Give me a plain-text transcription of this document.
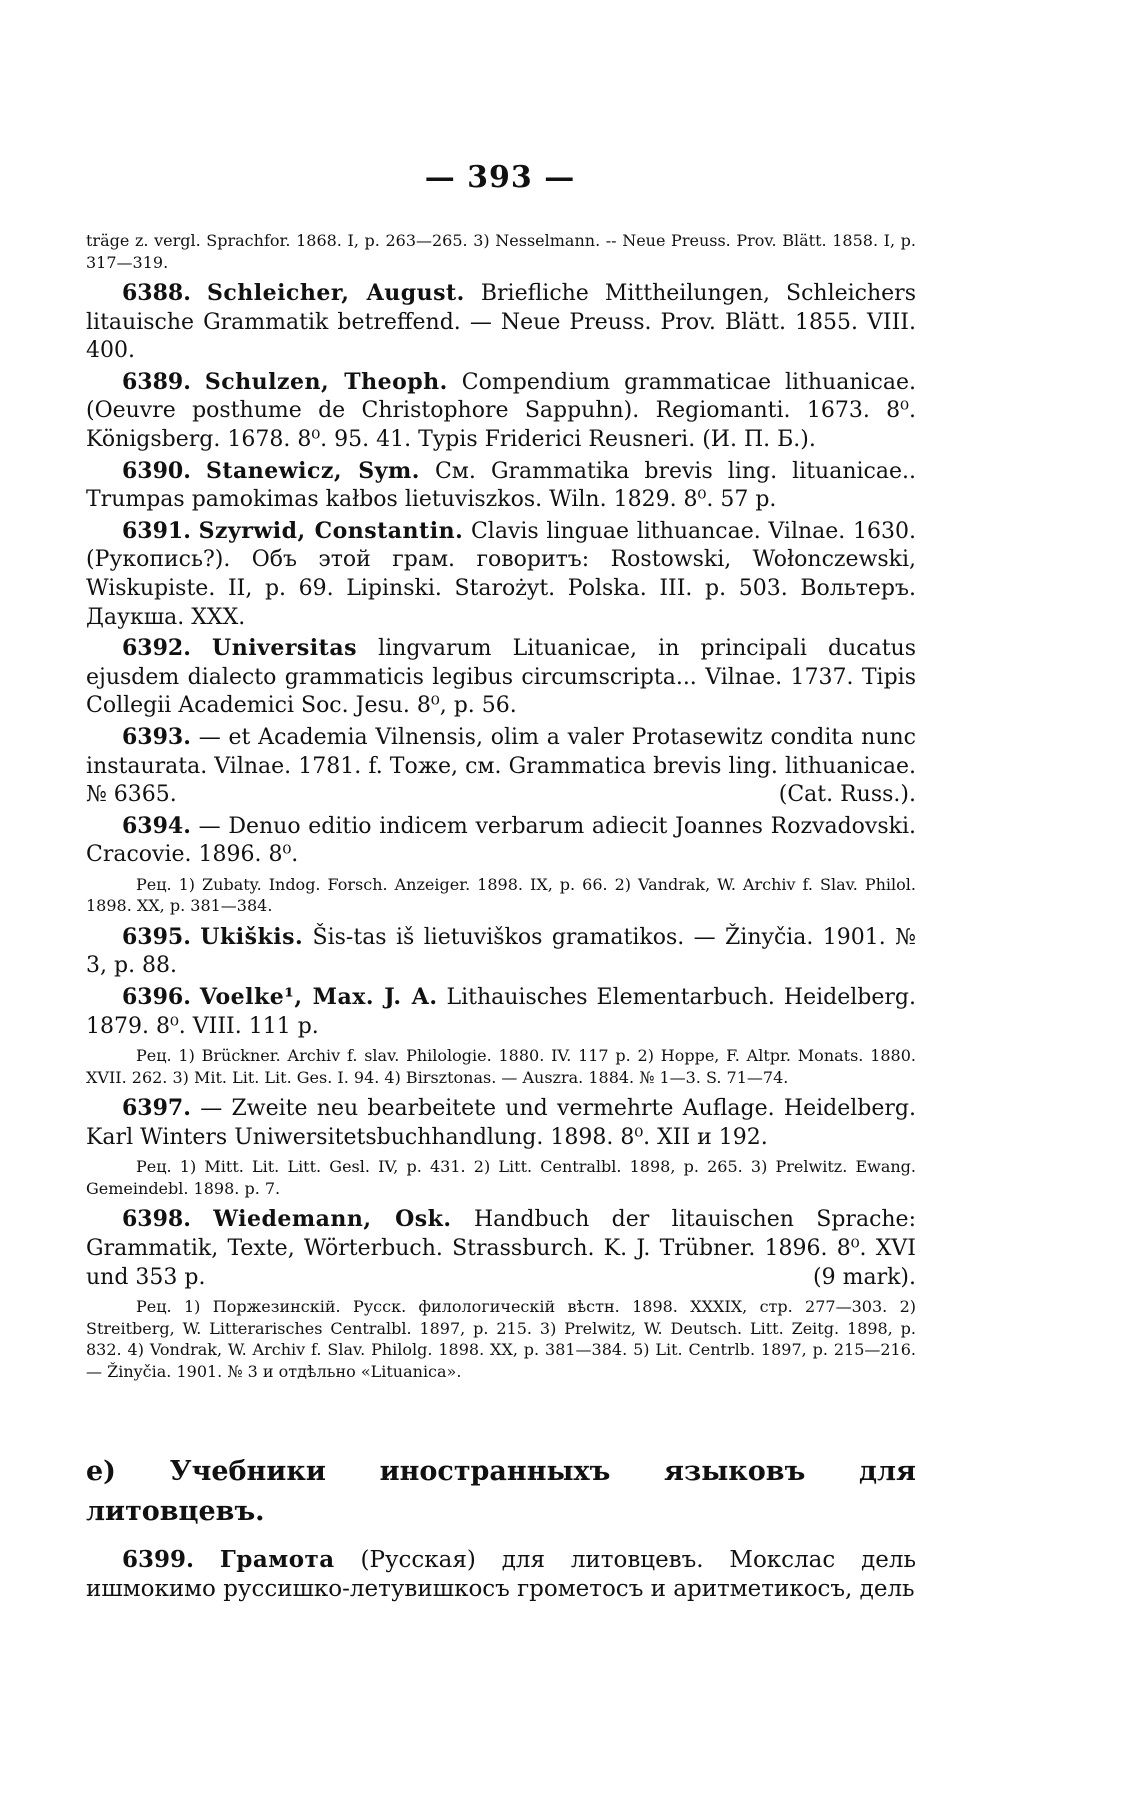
— 393 —

träge z. vergl. Sprachfor. 1868. I, p. 263—265. 3) Nesselmann. -- Neue Preuss. Prov. Blätt. 1858. I, p. 317—319.

6388. Schleicher, August. Briefliche Mittheilungen, Schleichers litauische Grammatik betreffend. — Neue Preuss. Prov. Blätt. 1855. VIII. 400.

6389. Schulzen, Theoph. Compendium grammaticae lithuanicae. (Oeuvre posthume de Christophore Sappuhn). Regiomanti. 1673. 8⁰. Königsberg. 1678. 8⁰. 95. 41. Typis Friderici Reusneri. (И. П. Б.).

6390. Stanewicz, Sym. См. Grammatika brevis ling. lituanicae.. Trumpas pamokimas kałbos lietuviszkos. Wiln. 1829. 8⁰. 57 p.

6391. Szyrwid, Constantin. Clavis linguae lithuancae. Vilnae. 1630. (Рукопись?). Объ этой грам. говоритъ: Rostowski, Wołonczewski, Wiskupiste. II, p. 69. Lipinski. Starożyt. Polska. III. p. 503. Вольтеръ. Даукша. XXX.

6392. Universitas lingvarum Lituanicae, in principali ducatus ejusdem dialecto grammaticis legibus circumscripta... Vilnae. 1737. Tipis Collegii Academici Soc. Jesu. 8⁰, p. 56.

6393. — et Academia Vilnensis, olim a valer Protasewitz condita nunc instaurata. Vilnae. 1781. f. Тоже, см. Grammatica brevis ling. lithuanicae. № 6365.	(Cat. Russ.).

6394. — Denuo editio indicem verbarum adiecit Joannes Rozvadovski. Cracovie. 1896. 8⁰.

Рец. 1) Zubaty. Indog. Forsch. Anzeiger. 1898. IX, p. 66. 2) Vandrak, W. Archiv f. Slav. Philol. 1898. XX, p. 381—384.

6395. Ukiškis. Šis-tas iš lietuviškos gramatikos. — Žinyčia. 1901. № 3, p. 88.

6396. Voelke¹, Max. J. A. Lithauisches Elementarbuch. Heidelberg. 1879. 8⁰. VIII. 111 p.

Рец. 1) Brückner. Archiv f. slav. Philologie. 1880. IV. 117 p. 2) Hoppe, F. Altpr. Monats. 1880. XVII. 262. 3) Mit. Lit. Lit. Ges. I. 94. 4) Birsztonas. — Auszra. 1884. № 1—3. S. 71—74.

6397. — Zweite neu bearbeitete und vermehrte Auflage. Heidelberg. Karl Winters Uniwersitetsbuchhandlung. 1898. 8⁰. XII и 192.

Рец. 1) Mitt. Lit. Litt. Gesl. IV, p. 431. 2) Litt. Centralbl. 1898, p. 265. 3) Prelwitz. Ewang. Gemeindebl. 1898. p. 7.

6398. Wiedemann, Osk. Handbuch der litauischen Sprache: Grammatik, Texte, Wörterbuch. Strassburch. K. J. Trübner. 1896. 8⁰. XVI und 353 p.	(9 mark).

Рец. 1) Поржезинскій. Русск. филологическій вѣстн. 1898. XXXIX, стр. 277—303. 2) Streitberg, W. Litterarisches Centralbl. 1897, p. 215. 3) Prelwitz, W. Deutsch. Litt. Zeitg. 1898, p. 832. 4) Vondrak, W. Archiv f. Slav. Philolg. 1898. XX, p. 381—384. 5) Lit. Centrlb. 1897, p. 215—216. — Žinyčia. 1901. № 3 и отдѣльно «Lituanica».

e) Учебники иностранныхъ языковъ для литовцевъ.

6399. Грамота (Русская) для литовцевъ. Мокслас дель ишмокимо руссишко-летувишкосъ грометосъ и аритметикосъ, дель
